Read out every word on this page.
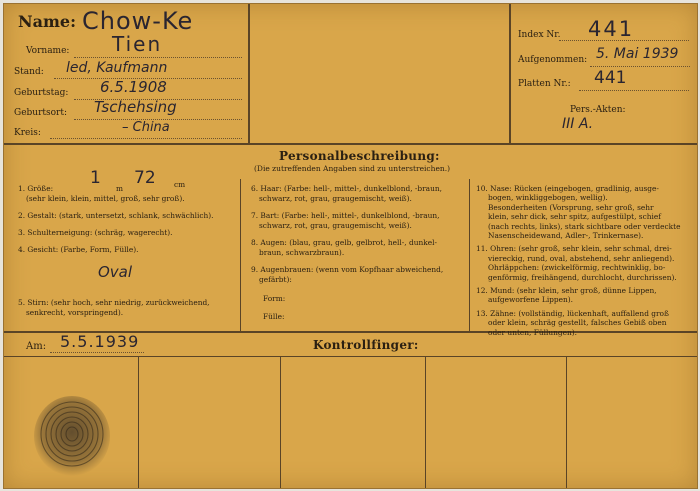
Name: Chow-Ke
Vorname: Tien
Stand: led, Kaufmann
Geburtstag: 6.5.1908
Geburtsort: Tschehsing
Kreis:	– China
Index Nr. 441
Aufgenommen: 5. Mai 1939
Platten Nr.: 441
Pers.-Akten:
III A.
Personalbeschreibung:
(Die zutreffenden Angaben sind zu unterstreichen.)
1. Größe:
1
m
72 cm
(sehr klein, klein, mittel, groß, sehr groß).
2. Gestalt: (stark, untersetzt, schlank, schwächlich).
3. Schulterneigung: (schräg, wagerecht).
4. Gesicht: (Farbe, Form, Fülle).
Oval
5. Stirn: (sehr hoch, sehr niedrig, zurückweichend,
senkrecht, vorspringend).
6. Haar: (Farbe: hell-, mittel-, dunkelblond, -braun,
schwarz, rot, grau, graugemischt, weiß).
7. Bart: (Farbe: hell-, mittel-, dunkelblond, -braun,
schwarz, rot, grau, graugemischt, weiß).
8. Augen: (blau, grau, gelb, gelbrot, hell-, dunkel-
braun, schwarzbraun).
9. Augenbrauen: (wenn vom Kopfhaar abweichend,
gefärbt):
Form:
Fülle:
10. Nase: Rücken (eingebogen, gradlinig, ausge-
bogen, winkliggebogen, wellig).
Besonderheiten (Vorsprung, sehr groß, sehr
klein, sehr dick, sehr spitz, aufgestülpt, schief
(nach rechts, links), stark sichtbare oder verdeckte
Nasenscheidewand, Adler-, Trinkernase).
11. Ohren: (sehr groß, sehr klein, sehr schmal, drei-
viereckig, rund, oval, abstehend, sehr anliegend).
Ohrläppchen: (zwickelförmig, rechtwinklig, bo-
genförmig, freihängend, durchlocht, durchrissen).
12. Mund: (sehr klein, sehr groß, dünne Lippen,
aufgeworfene Lippen).
13. Zähne: (vollständig, lückenhaft, auffallend groß
oder klein, schräg gestellt, falsches Gebiß oben
oder unten, Füllungen).
Am: 5.5.1939	Kontrollfinger:
